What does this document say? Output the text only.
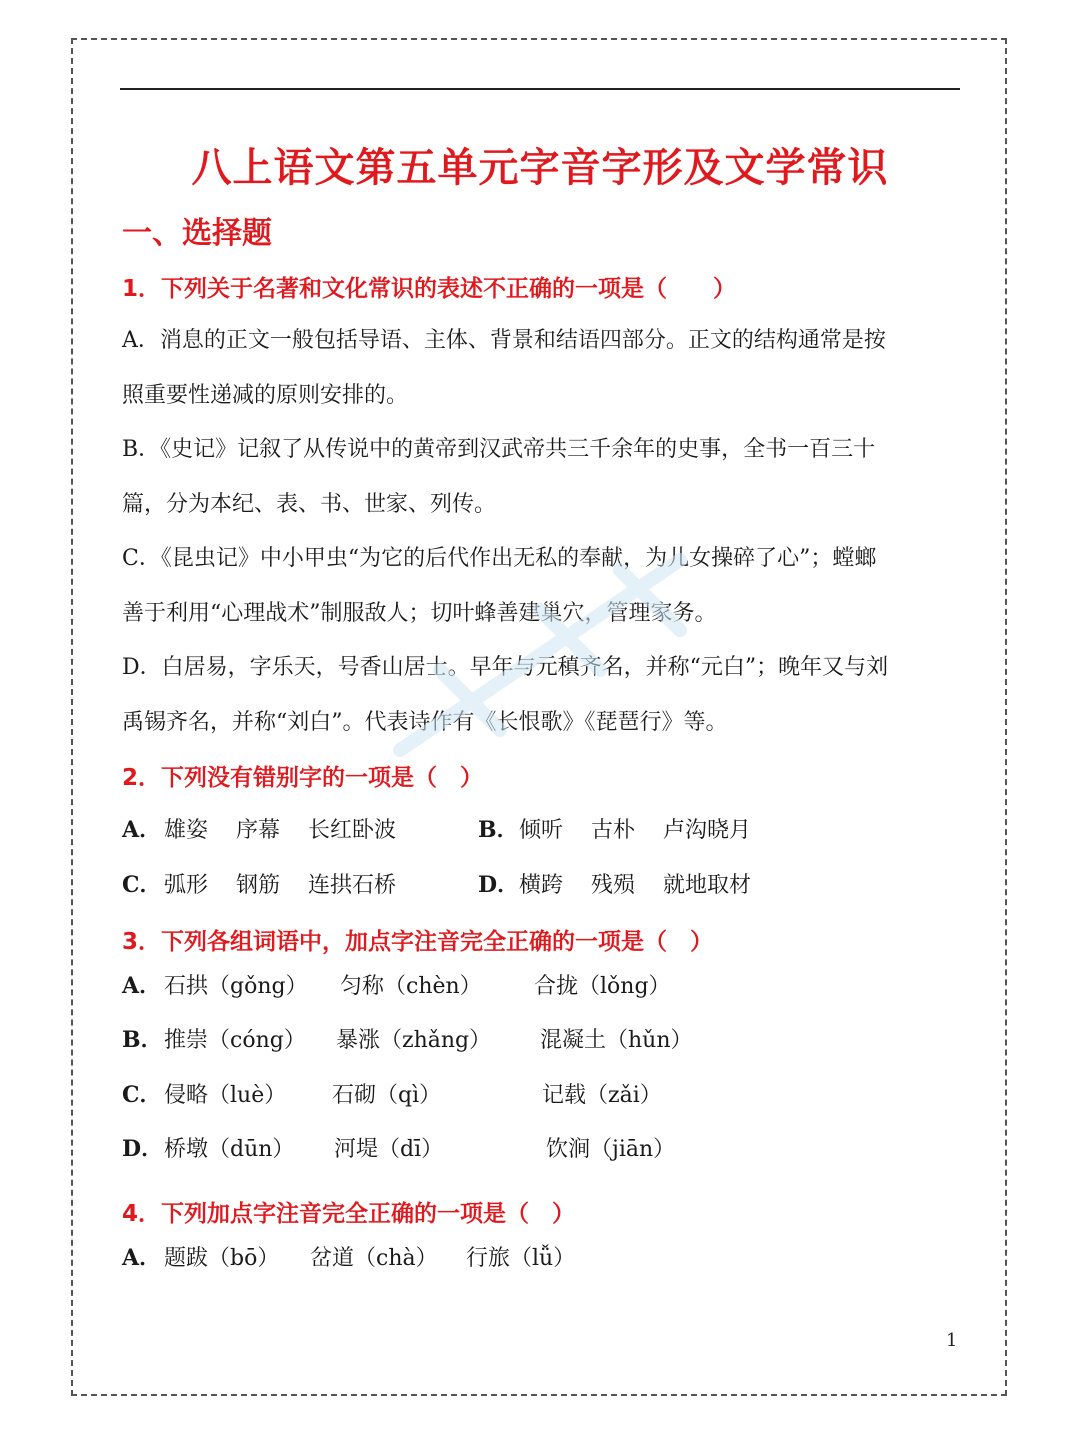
八上语文第五单元字音字形及文学常识
一、选择题
1．下列关于名著和文化常识的表述不正确的一项是（　　）
A．消息的正文一般包括导语、主体、背景和结语四部分。正文的结构通常是按
照重要性递减的原则安排的。
B．《史记》记叙了从传说中的黄帝到汉武帝共三千余年的史事，全书一百三十
篇，分为本纪、表、书、世家、列传。
C．《昆虫记》中小甲虫“为它的后代作出无私的奉献，为儿女操碎了心”；螳螂
善于利用“心理战术”制服敌人；切叶蜂善建巢穴，管理家务。
D．白居易，字乐天，号香山居士。早年与元稹齐名，并称“元白”；晚年又与刘
禹锡齐名，并称“刘白”。代表诗作有《长恨歌》《琵琶行》等。
2．下列没有错别字的一项是（　）
A． 雄姿 序幕 长红卧波	B． 倾听 古朴 卢沟晓月
C． 弧形 钢筋 连拱石桥	D． 横跨 残殒 就地取材
3．下列各组词语中，加点字注音完全正确的一项是（　）
A． 石拱（gǒng） 匀称（chèn） 合拢（lǒng）
B． 推崇（cóng） 暴涨（zhǎng） 混凝土（hǔn）
C． 侵略（luè） 石砌（qì）	记载（zǎi）
D． 桥墩（dūn） 河堤（dī）	饮涧（jiān）
4．下列加点字注音完全正确的一项是（　）
A． 题跋（bō） 岔道（chà） 行旅（lǚ）
1
